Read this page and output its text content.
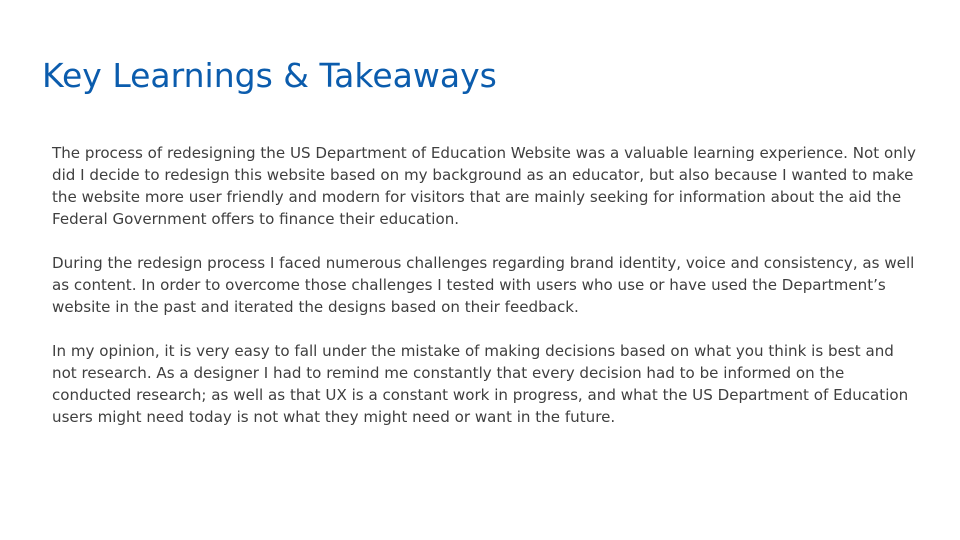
Key Learnings & Takeaways

The process of redesigning the US Department of Education Website was a valuable learning experience. Not only did I decide to redesign this website based on my background as an educator, but also because I wanted to make the website more user friendly and modern for visitors that are mainly seeking for information about the aid the Federal Government offers to finance their education.

During the redesign process I faced numerous challenges regarding brand identity, voice and consistency, as well as content. In order to overcome those challenges I tested with users who use or have used the Department’s website in the past and iterated the designs based on their feedback.

In my opinion, it is very easy to fall under the mistake of making decisions based on what you think is best and not research. As a designer I had to remind me constantly that every decision had to be informed on the conducted research; as well as that UX is a constant work in progress, and what the US Department of Education users might need today is not what they might need or want in the future.
